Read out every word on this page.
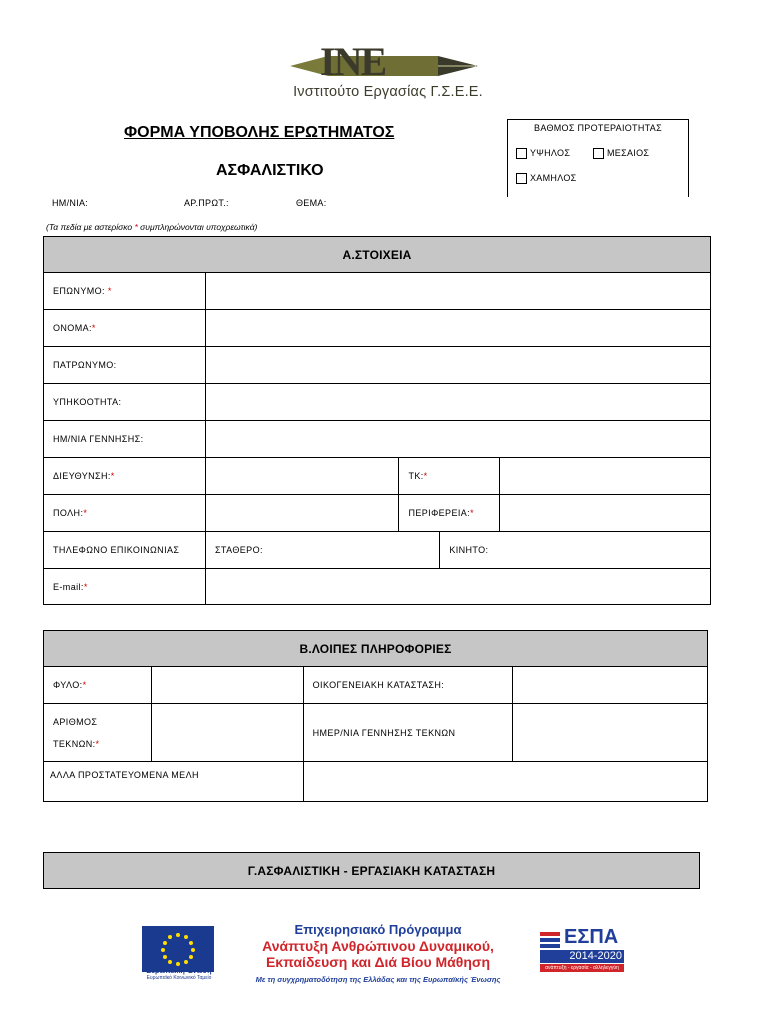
INE
Ινστιτούτο Εργασίας Γ.Σ.Ε.Ε.
ΦΟΡΜΑ ΥΠΟΒΟΛΗΣ ΕΡΩΤΗΜΑΤΟΣ
ΑΣΦΑΛΙΣΤΙΚΟ
ΗΜ/ΝΙΑ:	ΑΡ.ΠΡΩΤ.:	ΘΕΜΑ:
(Τα πεδία με αστερίσκο * συμπληρώνονται υποχρεωτικά)
ΒΑΘΜΟΣ ΠΡΟΤΕΡΑΙΟΤΗΤΑΣ
ΥΨΗΛΟΣ	ΜΕΣΑΙΟΣ
ΧΑΜΗΛΟΣ
Α.ΣΤΟΙΧΕΙΑ				
ΕΠΩΝΥΜΟ: *				
ΟΝΟΜΑ:*				
ΠΑΤΡΩΝΥΜΟ:				
ΥΠΗΚΟΟΤΗΤΑ:				
ΗΜ/ΝΙΑ ΓΕΝΝΗΣΗΣ:				
ΔΙΕΥΘΥΝΣΗ:*		ΤΚ:*		
ΠΟΛΗ:*		ΠΕΡΙΦΕΡΕΙΑ:*		
ΤΗΛΕΦΩΝΟ ΕΠΙΚΟΙΝΩΝΙΑΣ	ΣΤΑΘΕΡΟ:		ΚΙΝΗΤΟ:	
E-mail:*				
Β.ΛΟΙΠΕΣ ΠΛΗΡΟΦΟΡΙΕΣ			
ΦΥΛΟ:*		ΟΙΚΟΓΕΝΕΙΑΚΗ ΚΑΤΑΣΤΑΣΗ:	
ΑΡΙΘΜΟΣ
ΤΕΚΝΩΝ:*		ΗΜΕΡ/ΝΙΑ ΓΕΝΝΗΣΗΣ ΤΕΚΝΩΝ	
ΑΛΛΑ ΠΡΟΣΤΑΤΕΥΟΜΕΝΑ ΜΕΛΗ			
Γ.ΑΣΦΑΛΙΣΤΙΚΗ - ΕΡΓΑΣΙΑΚΗ ΚΑΤΑΣΤΑΣΗ
Ευρωπαϊκή Ένωση
Ευρωπαϊκό Κοινωνικό Ταμείο
Επιχειρησιακό Πρόγραμμα
Ανάπτυξη Ανθρώπινου Δυναμικού,
Εκπαίδευση και Διά Βίου Μάθηση
Με τη συγχρηματοδότηση της Ελλάδας και της Ευρωπαϊκής Ένωσης
ΕΣΠΑ
2014-2020
ανάπτυξη - εργασία - αλληλεγγύη
